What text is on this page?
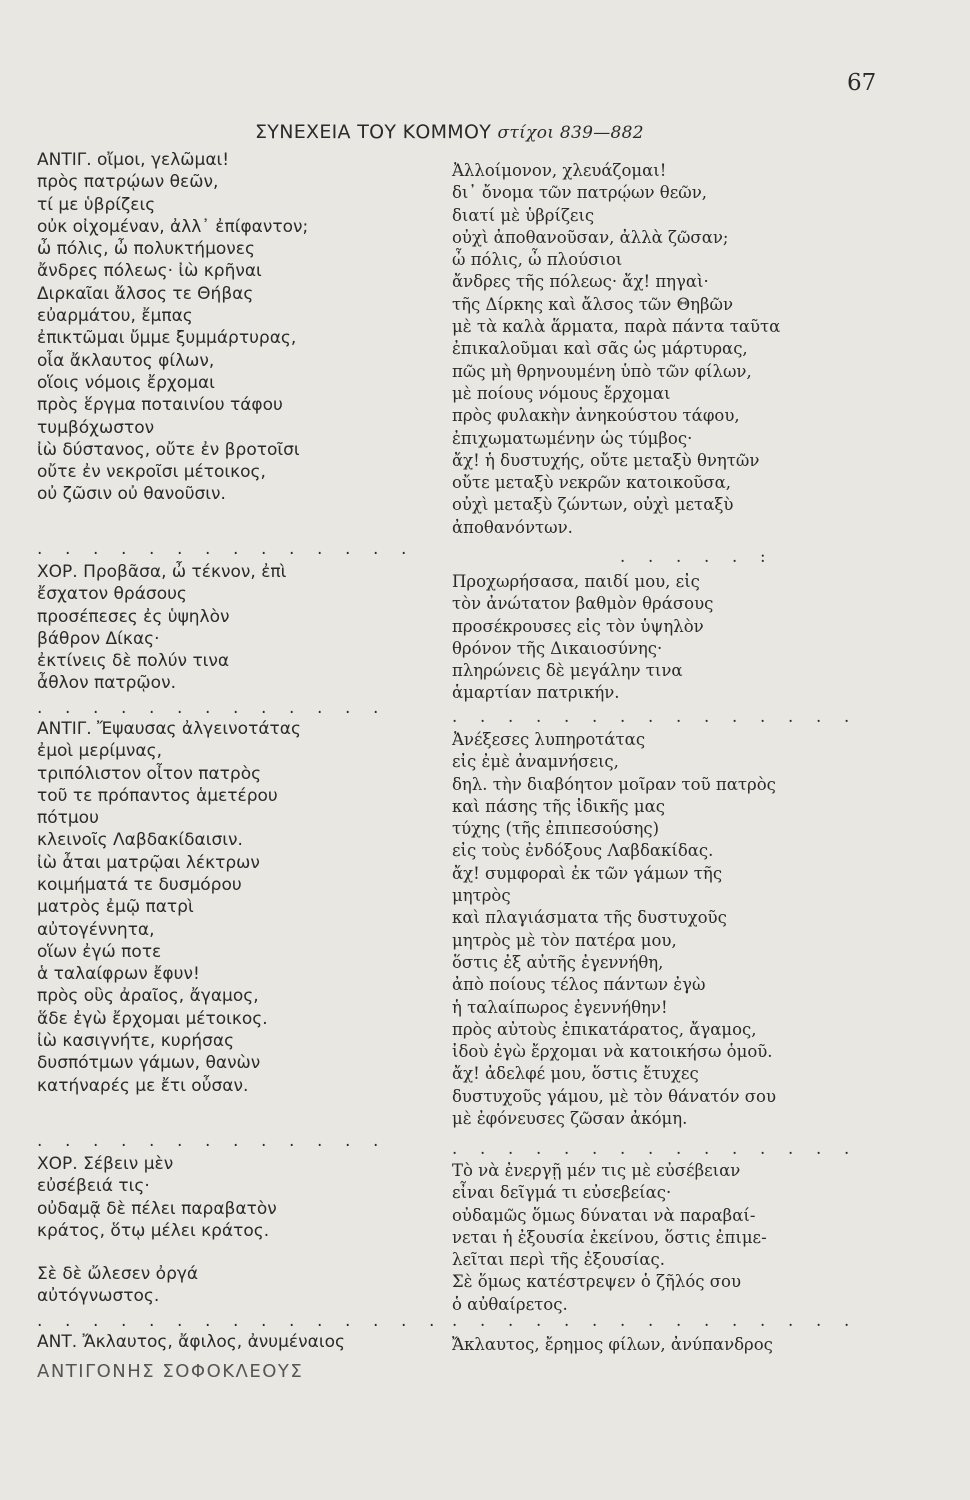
67
ΣΥΝΕΧΕΙΑ ΤΟΥ ΚΟΜΜΟΥ στίχοι 839—882
ΑΝΤΙΓ. οἴμοι, γελῶμαι!
πρὸς πατρῴων θεῶν,
τί με ὑβρίζεις
οὐκ οἰχομέναν, ἀλλ᾿ ἐπίφαντον;
ὦ πόλις, ὦ πολυκτήμονες
ἄνδρες πόλεως· ἰὼ κρῆναι
Διρκαῖαι ἄλσος τε Θήβας
εὐαρμάτου, ἔμπας
ἐπικτῶμαι ὔμμε ξυμμάρτυρας,
οἷα ἄκλαυτος φίλων,
οἵοις νόμοις ἔρχομαι
πρὸς ἕργμα ποταινίου τάφου
τυμβόχωστον
ἰὼ δύστανος, οὔτε ἐν βροτοῖσι
οὔτε ἐν νεκροῖσι μέτοικος,
οὐ ζῶσιν οὐ θανοῦσιν.
ΧΟΡ. Προβᾶσα, ὦ τέκνον, ἐπὶ
ἔσχατον θράσους
προσέπεσες ἐς ὑψηλὸν
βάθρον Δίκας·
ἐκτίνεις δὲ πολύν τινα
ἆθλον πατρῷον.
ΑΝΤΙΓ. Ἔψαυσας ἀλγεινοτάτας
ἐμοὶ μερίμνας,
τριπόλιστον οἶτον πατρὸς
τοῦ τε πρόπαντος ἁμετέρου
πότμου
κλεινοῖς Λαβδακίδαισιν.
ἰὼ ἆται ματρῷαι λέκτρων
κοιμήματά τε δυσμόρου
ματρὸς ἐμῷ πατρὶ
αὐτογέννητα,
οἵων ἐγώ ποτε
ἁ ταλαίφρων ἔφυν!
πρὸς οὓς ἀραῖος, ἄγαμος,
ἅδε ἐγὼ ἔρχομαι μέτοικος.
ἰὼ κασιγνήτε, κυρήσας
δυσπότμων γάμων, θανὼν
κατήναρές με ἔτι οὖσαν.
ΧΟΡ. Σέβειν μὲν
εὐσέβειά τις·
οὐδαμᾷ δὲ πέλει παραβατὸν
κράτος, ὅτῳ μέλει κράτος.
Σὲ δὲ ὤλεσεν ὀργά
αὐτόγνωστος.
ΑΝΤ. Ἄκλαυτος, ἄφιλος, ἀνυμέναιος
Ἀλλοίμονον, χλευάζομαι!
δι᾿ ὄνομα τῶν πατρῴων θεῶν,
διατί μὲ ὑβρίζεις
οὐχὶ ἀποθανοῦσαν, ἀλλὰ ζῶσαν;
ὦ πόλις, ὦ πλούσιοι
ἄνδρες τῆς πόλεως· ἄχ! πηγαὶ·
τῆς Δίρκης καὶ ἄλσος τῶν Θηβῶν
μὲ τὰ καλὰ ἅρματα, παρὰ πάντα ταῦτα
ἐπικαλοῦμαι καὶ σᾶς ὡς μάρτυρας,
πῶς μὴ θρηνουμένη ὑπὸ τῶν φίλων,
μὲ ποίους νόμους ἔρχομαι
πρὸς φυλακὴν ἀνηκούστου τάφου,
ἐπιχωματωμένην ὡς τύμβος·
ἄχ! ἡ δυστυχής, οὔτε μεταξὺ θνητῶν
οὔτε μεταξὺ νεκρῶν κατοικοῦσα,
οὐχὶ μεταξὺ ζώντων, οὐχὶ μεταξὺ
ἀποθανόντων.
Προχωρήσασα, παιδί μου, εἰς
τὸν ἀνώτατον βαθμὸν θράσους
προσέκρουσες εἰς τὸν ὑψηλὸν
θρόνον τῆς Δικαιοσύνης·
πληρώνεις δὲ μεγάλην τινα
ἁμαρτίαν πατρικήν.
Ἀνέξεσες λυπηροτάτας
εἰς ἐμὲ ἀναμνήσεις,
δηλ. τὴν διαβόητον μοῖραν τοῦ πατρὸς
καὶ πάσης τῆς ἰδικῆς μας
τύχης (τῆς ἐπιπεσούσης)
εἰς τοὺς ἐνδόξους Λαβδακίδας.
ἄχ! συμφοραὶ ἐκ τῶν γάμων τῆς
μητρὸς
καὶ πλαγιάσματα τῆς δυστυχοῦς
μητρὸς μὲ τὸν πατέρα μου,
ὅστις ἐξ αὐτῆς ἐγεννήθη,
ἀπὸ ποίους τέλος πάντων ἐγὼ
ἡ ταλαίπωρος ἐγεννήθην!
πρὸς αὐτοὺς ἐπικατάρατος, ἄγαμος,
ἰδοὺ ἐγὼ ἔρχομαι νὰ κατοικήσω ὁμοῦ.
ἄχ! ἀδελφέ μου, ὅστις ἔτυχες
δυστυχοῦς γάμου, μὲ τὸν θάνατόν σου
μὲ ἐφόνευσες ζῶσαν ἀκόμη.
Τὸ νὰ ἐνεργῇ μέν τις μὲ εὐσέβειαν
εἶναι δεῖγμά τι εὐσεβείας·
οὐδαμῶς ὅμως δύναται νὰ παραβαί-
νεται ἡ ἐξουσία ἐκείνου, ὅστις ἐπιμε-
λεῖται περὶ τῆς ἐξουσίας.
Σὲ ὅμως κατέστρεψεν ὁ ζῆλός σου
ὁ αὐθαίρετος.
Ἄκλαυτος, ἔρημος φίλων, ἀνύπανδρος
. . . . . . . . . . . . . .	. . . . . :
. . . . . . . . . . . . .	. . . . . . . . . . . . . . .
. . . . . . . . . . . . .	. . . . . . . . . . . . . . .
. . . . . . . . . . . . . . .	. . . . . . . . . . . . . . .
ΑΝΤΙΓΟΝΗΣ ΣΟΦΟΚΛΕΟΥΣ
